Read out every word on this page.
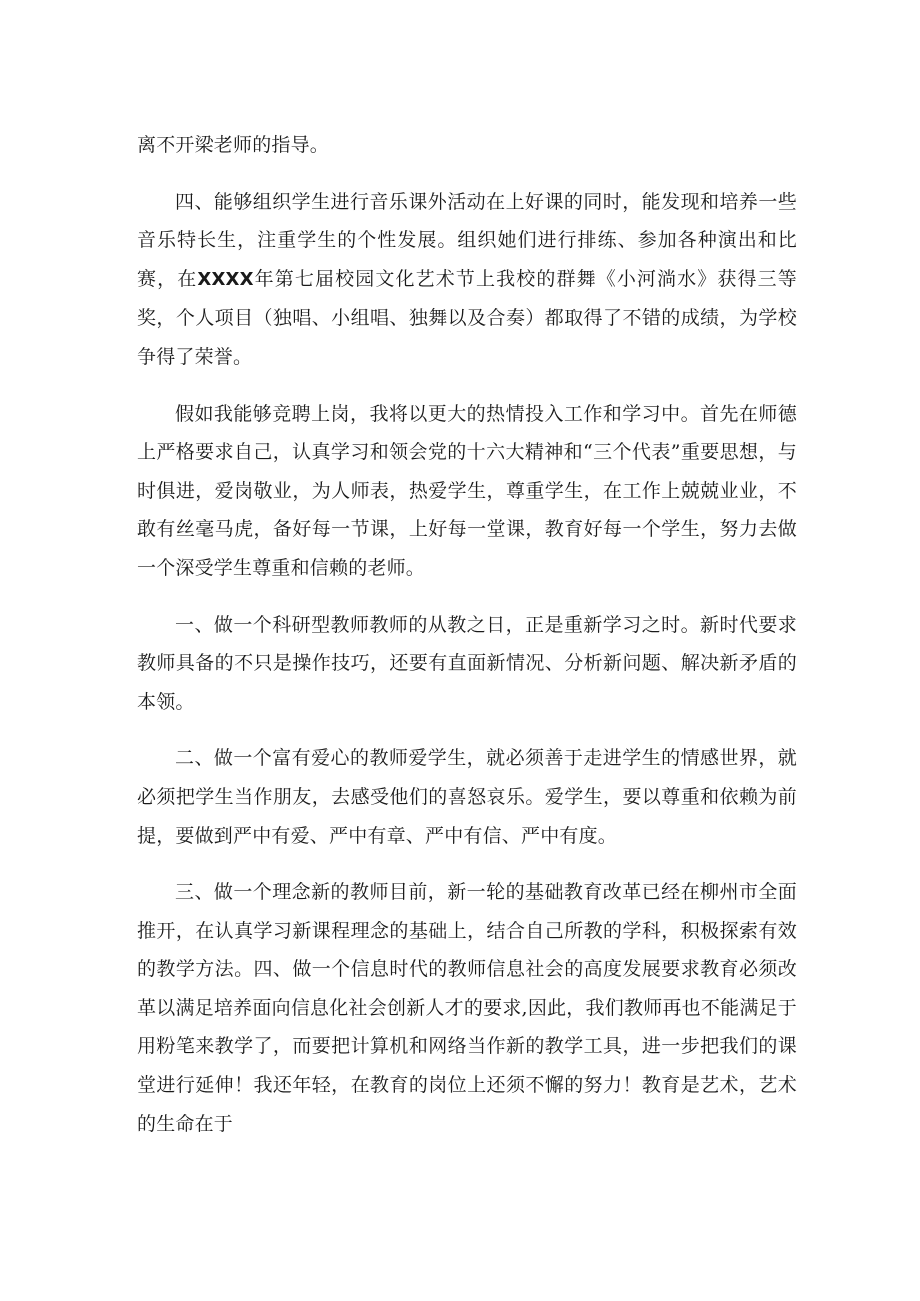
离不开梁老师的指导。

四、能够组织学生进行音乐课外活动在上好课的同时，能发现和培养一些音乐特长生，注重学生的个性发展。组织她们进行排练、参加各种演出和比赛，在XXXX年第七届校园文化艺术节上我校的群舞《小河淌水》获得三等奖，个人项目（独唱、小组唱、独舞以及合奏）都取得了不错的成绩，为学校争得了荣誉。

假如我能够竞聘上岗，我将以更大的热情投入工作和学习中。首先在师德上严格要求自己，认真学习和领会党的十六大精神和“三个代表”重要思想，与时俱进，爱岗敬业，为人师表，热爱学生，尊重学生，在工作上兢兢业业，不敢有丝毫马虎，备好每一节课，上好每一堂课，教育好每一个学生，努力去做一个深受学生尊重和信赖的老师。

一、做一个科研型教师教师的从教之日，正是重新学习之时。新时代要求教师具备的不只是操作技巧，还要有直面新情况、分析新问题、解决新矛盾的本领。

二、做一个富有爱心的教师爱学生，就必须善于走进学生的情感世界，就必须把学生当作朋友，去感受他们的喜怒哀乐。爱学生，要以尊重和依赖为前提，要做到严中有爱、严中有章、严中有信、严中有度。

三、做一个理念新的教师目前，新一轮的基础教育改革已经在柳州市全面推开，在认真学习新课程理念的基础上，结合自己所教的学科，积极探索有效的教学方法。四、做一个信息时代的教师信息社会的高度发展要求教育必须改革以满足培养面向信息化社会创新人才的要求,因此，我们教师再也不能满足于用粉笔来教学了，而要把计算机和网络当作新的教学工具，进一步把我们的课堂进行延伸！我还年轻，在教育的岗位上还须不懈的努力！教育是艺术，艺术的生命在于
